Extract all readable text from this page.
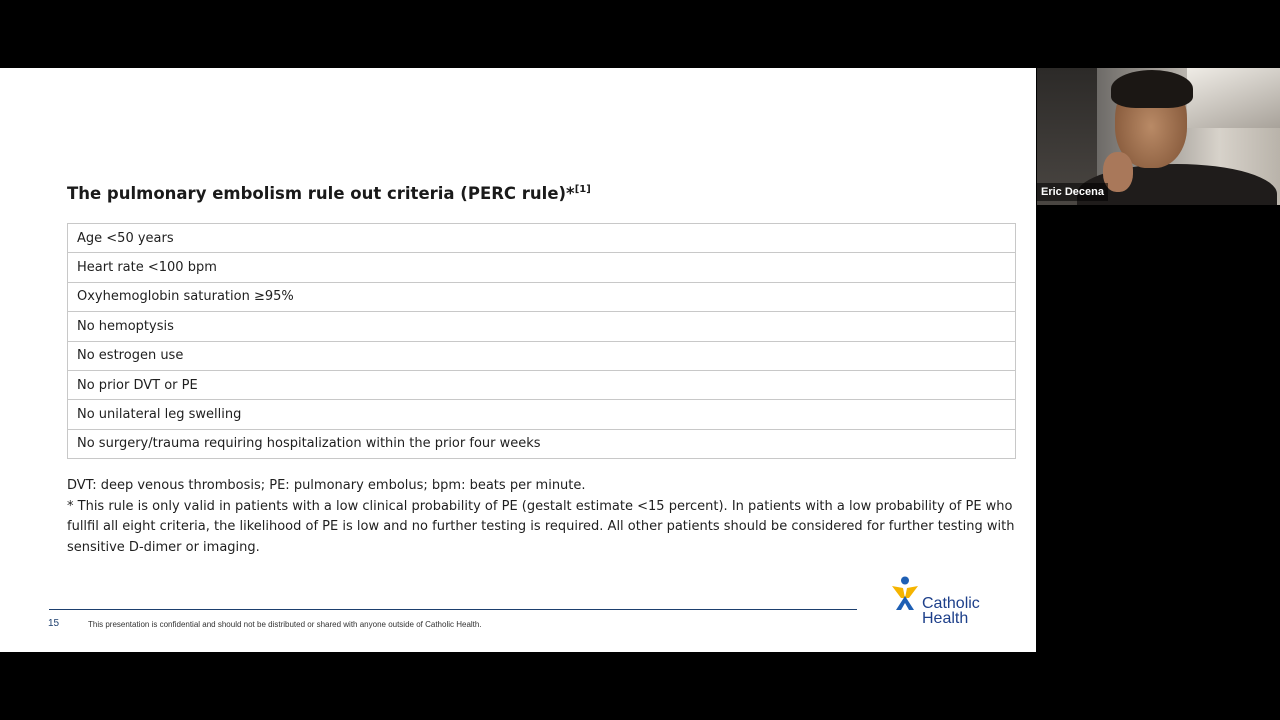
The pulmonary embolism rule out criteria (PERC rule)*[1]
Age <50 years
Heart rate <100 bpm
Oxyhemoglobin saturation ≥95%
No hemoptysis
No estrogen use
No prior DVT or PE
No unilateral leg swelling
No surgery/trauma requiring hospitalization within the prior four weeks

DVT: deep venous thrombosis; PE: pulmonary embolus; bpm: beats per minute.

* This rule is only valid in patients with a low clinical probability of PE (gestalt estimate <15 percent). In patients with a low probability of PE who fullfil all eight criteria, the likelihood of PE is low and no further testing is required. All other patients should be considered for further testing with sensitive D-dimer or imaging.

15	This presentation is confidential and should not be distributed or shared with anyone outside of Catholic Health.
Catholic
Health
Eric Decena
